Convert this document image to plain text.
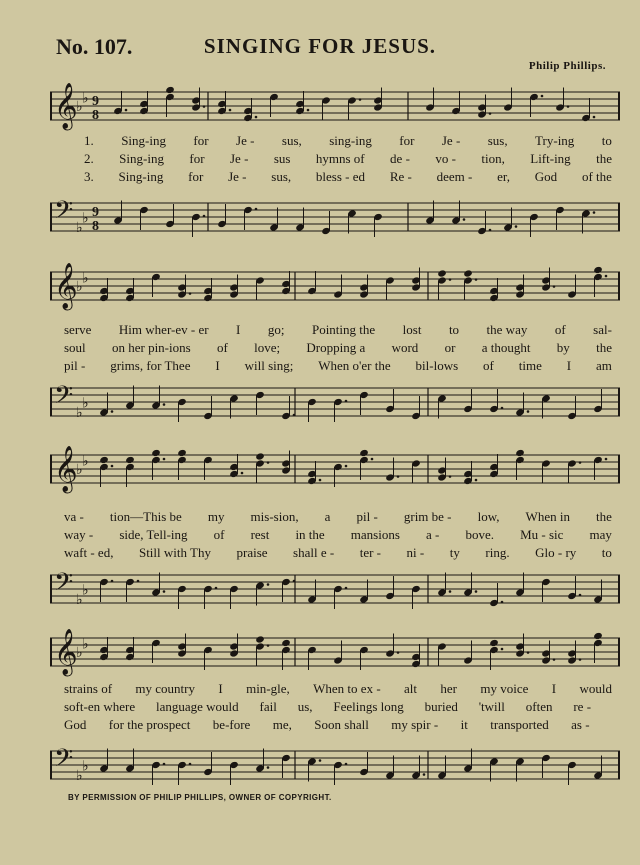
No. 107.	SINGING FOR JESUS.
Philip Phillips.
𝄞
♭
♭ 9
8
1. Sing-ing for Je - sus, sing-ing for Je - sus, Try-ing to
2. Sing-ing for Je - sus hymns of de - vo - tion, Lift-ing the
3. Sing-ing for Je - sus, bless - ed Re - deem - er, God of the
𝄢 ♭
♭ 9
8
𝄞
♭
♭
serve Him wher-ev - er I go; Pointing the lost to the way of sal-
soul on her pin-ions of love; Dropping a word or a thought by the
pil - grims, for Thee I will sing; When o'er the bil-lows of time I am
𝄢 ♭
♭
𝄞
♭
♭
va - tion—This be my mis-sion, a pil - grim be - low, When in the
way - side, Tell-ing of rest in the mansions a - bove. Mu - sic may
waft - ed, Still with Thy praise shall e - ter - ni - ty ring. Glo - ry to
𝄢 ♭
♭
𝄞
♭
♭
strains of my country I min-gle, When to ex - alt her my voice I would
soft-en where language would fail us, Feelings long buried 'twill often re -
God for the prospect be-fore me, Soon shall my spir - it transported as -
𝄢 ♭
♭
BY PERMISSION OF PHILIP PHILLIPS, OWNER OF COPYRIGHT.
